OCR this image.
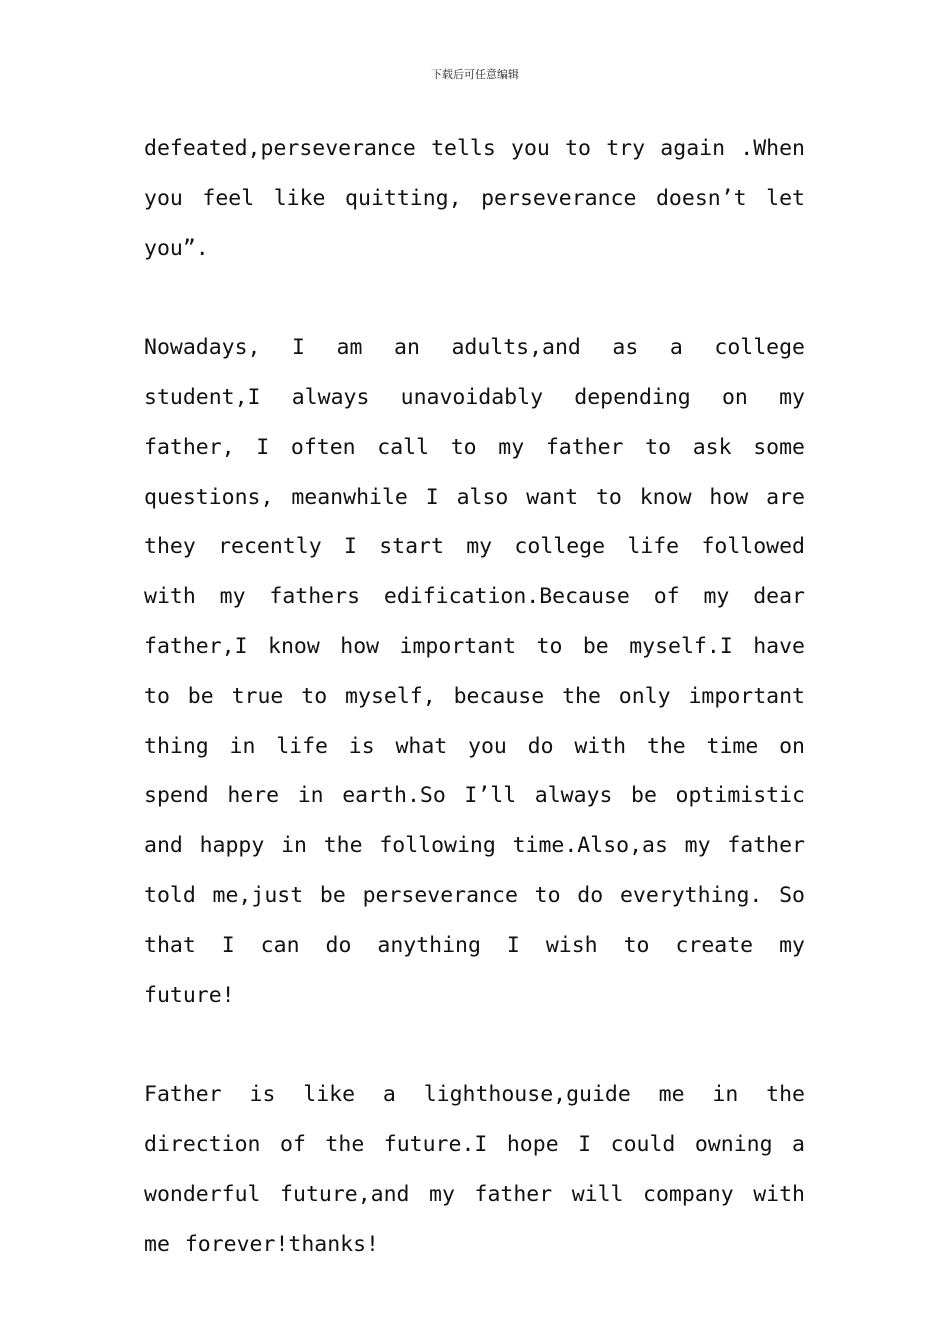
下载后可任意编辑

defeated,perseverance tells you to try again .When you feel like quitting, perseverance doesn’t let you”.

Nowadays, I am an adults,and as a college student,I always unavoidably depending on my father, I often call to my father to ask some questions, meanwhile I also want to know how are they recently I start my college life followed with my fathers edification.Because of my dear father,I know how important to be myself.I have to be true to myself, because the only important thing in life is what you do with the time on spend here in earth.So I’ll always be optimistic and happy in the following time.Also,as my father told me,just be perseverance to do everything. So that I can do anything I wish to create my future!

Father is like a lighthouse,guide me in the direction of the future.I hope I could owning a wonderful future,and my father will company with me forever!thanks!
